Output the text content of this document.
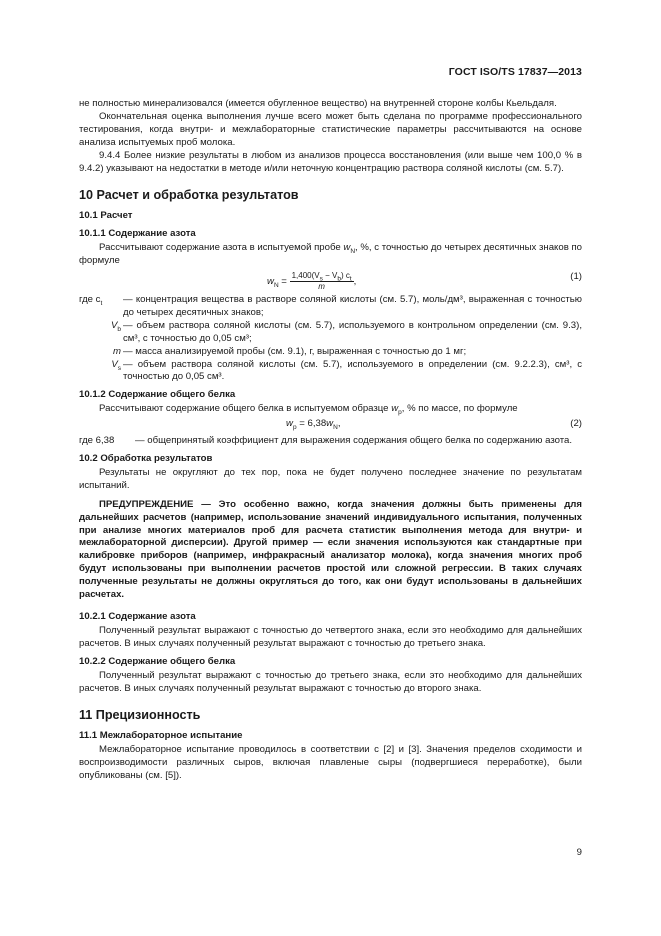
ГОСТ ISO/TS 17837—2013

не полностью минерализовался (имеется обугленное вещество) на внутренней стороне колбы Кьельдаля.

Окончательная оценка выполнения лучше всего может быть сделана по программе профессионального тестирования, когда внутри- и межлабораторные статистические параметры рассчитываются на основе анализа испытуемых проб молока.

9.4.4 Более низкие результаты в любом из анализов процесса восстановления (или выше чем 100,0 % в 9.4.2) указывают на недостатки в методе и/или неточную концентрацию раствора соляной кислоты (см. 5.7).

10 Расчет и обработка результатов
10.1 Расчет
10.1.1 Содержание азота

Рассчитывают содержание азота в испытуемой пробе $w_N$, %, с точностью до четырех десятичных знаков по формуле

$w_N = \frac{1,400(V_s - V_b) c_t}{m}$ ,	(1)
где $c_t$	— концентрация вещества в растворе соляной кислоты (см. 5.7), моль/дм³, выраженная с точностью до четырех десятичных знаков;
$V_b$ — объем раствора соляной кислоты (см. 5.7), используемого в контрольном определении (см. 9.3), см³, с точностью до 0,05 см³;
m — масса анализируемой пробы (см. 9.1), г, выраженная с точностью до 1 мг;
$V_s$ — объем раствора соляной кислоты (см. 5.7), используемого в определении (см. 9.2.2.3), см³, с точностью до 0,05 см³.
10.1.2 Содержание общего белка

Рассчитывают содержание общего белка в испытуемом образце $w_p$, % по массе, по формуле

$w_p = 6,38w_N$,	(2)
где 6,38	— общепринятый коэффициент для выражения содержания общего белка по содержанию азота.
10.2 Обработка результатов

Результаты не округляют до тех пор, пока не будет получено последнее значение по результатам испытаний.

ПРЕДУПРЕЖДЕНИЕ — Это особенно важно, когда значения должны быть применены для дальнейших расчетов (например, использование значений индивидуального испытания, полученных при анализе многих материалов проб для расчета статистик выполнения метода для внутри- и межлабораторной дисперсии). Другой пример — если значения используются как стандартные при калибровке приборов (например, инфракрасный анализатор молока), когда значения многих проб будут использованы при выполнении расчетов простой или сложной регрессии. В таких случаях полученные результаты не должны округляться до того, как они будут использованы в дальнейших расчетах.

10.2.1 Содержание азота

Полученный результат выражают с точностью до четвертого знака, если это необходимо для дальнейших расчетов. В иных случаях полученный результат выражают с точностью до третьего знака.

10.2.2 Содержание общего белка

Полученный результат выражают с точностью до третьего знака, если это необходимо для дальнейших расчетов. В иных случаях полученный результат выражают с точностью до второго знака.

11 Прецизионность
11.1 Межлабораторное испытание

Межлабораторное испытание проводилось в соответствии с [2] и [3]. Значения пределов сходимости и воспроизводимости различных сыров, включая плавленые сыры (подвергшиеся переработке), были опубликованы (см. [5]).

9
